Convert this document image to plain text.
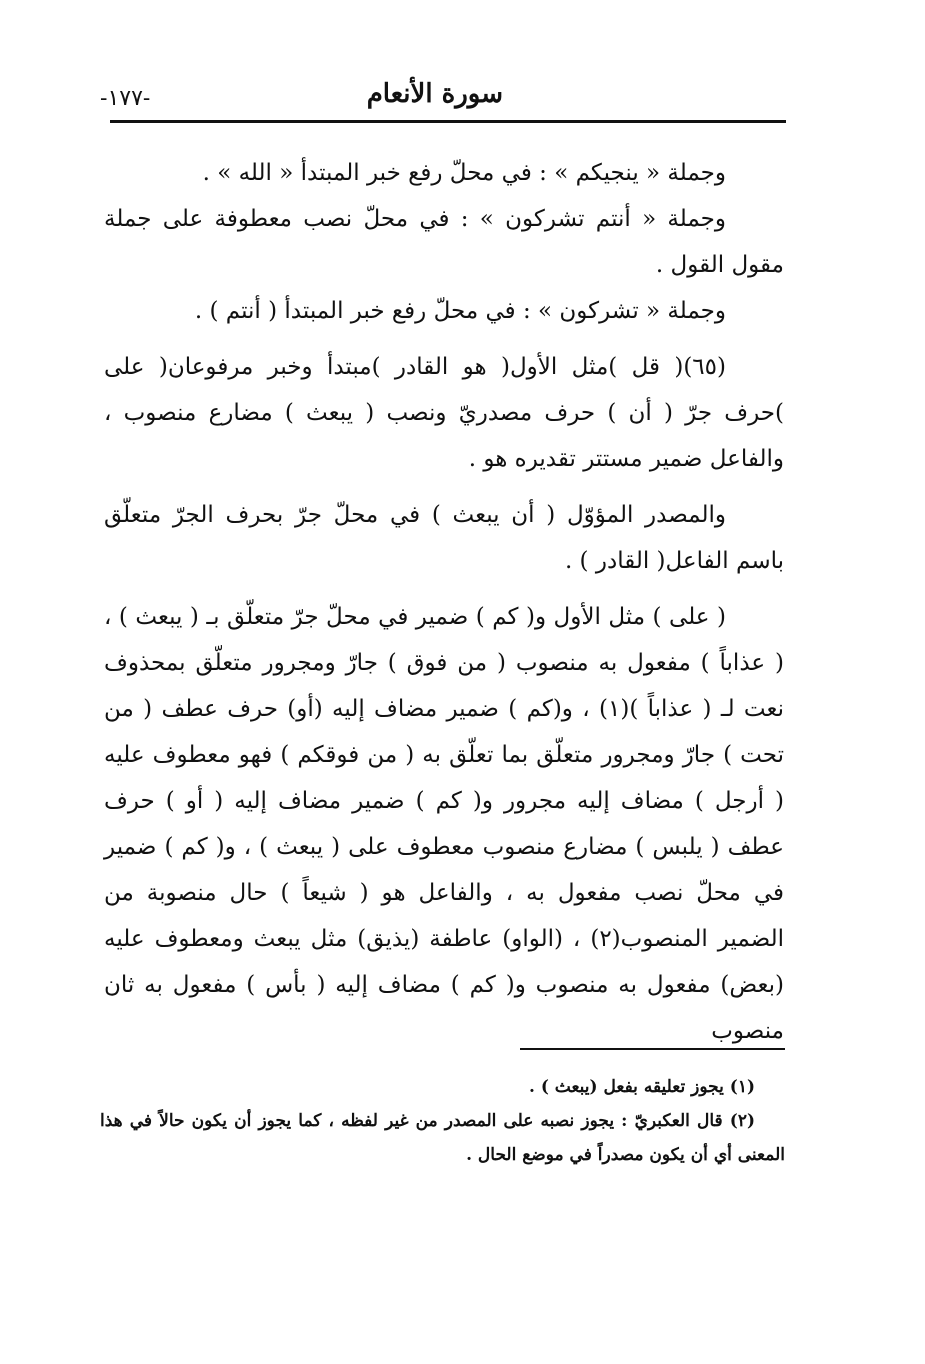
سورة الأنعام
-١٧٧-

وجملة « ينجيكم » : في محلّ رفع خبر المبتدأ « الله » .

وجملة « أنتم تشركون » : في محلّ نصب معطوفة على جملة مقول القول .

وجملة « تشركون » : في محلّ رفع خبر المبتدأ ( أنتم ) .

(٦٥)( قل )مثل الأول( هو القادر )مبتدأ وخبر مرفوعان( على )حرف جرّ ( أن ) حرف مصدريّ ونصب ( يبعث ) مضارع منصوب ، والفاعل ضمير مستتر تقديره هو .

والمصدر المؤوّل ( أن يبعث ) في محلّ جرّ بحرف الجرّ متعلّق باسم الفاعل( القادر ) .

( على ) مثل الأول و( كم ) ضمير في محلّ جرّ متعلّق بـ ( يبعث ) ، ( عذاباً ) مفعول به منصوب ( من فوق ) جارّ ومجرور متعلّق بمحذوف نعت لـ ( عذاباً )(١) ، و(كم ) ضمير مضاف إليه (أو) حرف عطف ( من تحت ) جارّ ومجرور متعلّق بما تعلّق به ( من فوقكم ) فهو معطوف عليه ( أرجل ) مضاف إليه مجرور و( كم ) ضمير مضاف إليه ( أو ) حرف عطف ( يلبس ) مضارع منصوب معطوف على ( يبعث ) ، و( كم ) ضمير في محلّ نصب مفعول به ، والفاعل هو ( شيعاً ) حال منصوبة من الضمير المنصوب(٢) ، (الواو) عاطفة (يذيق) مثل يبعث ومعطوف عليه (بعض) مفعول به منصوب و( كم ) مضاف إليه ( بأس ) مفعول به ثان منصوب

(١) يجوز تعليقه بفعل (يبعث ) .

(٢) قال العكبريّ : يجوز نصبه على المصدر من غير لفظه ، كما يجوز أن يكون حالاً في هذا المعنى أي أن يكون مصدراً في موضع الحال .
